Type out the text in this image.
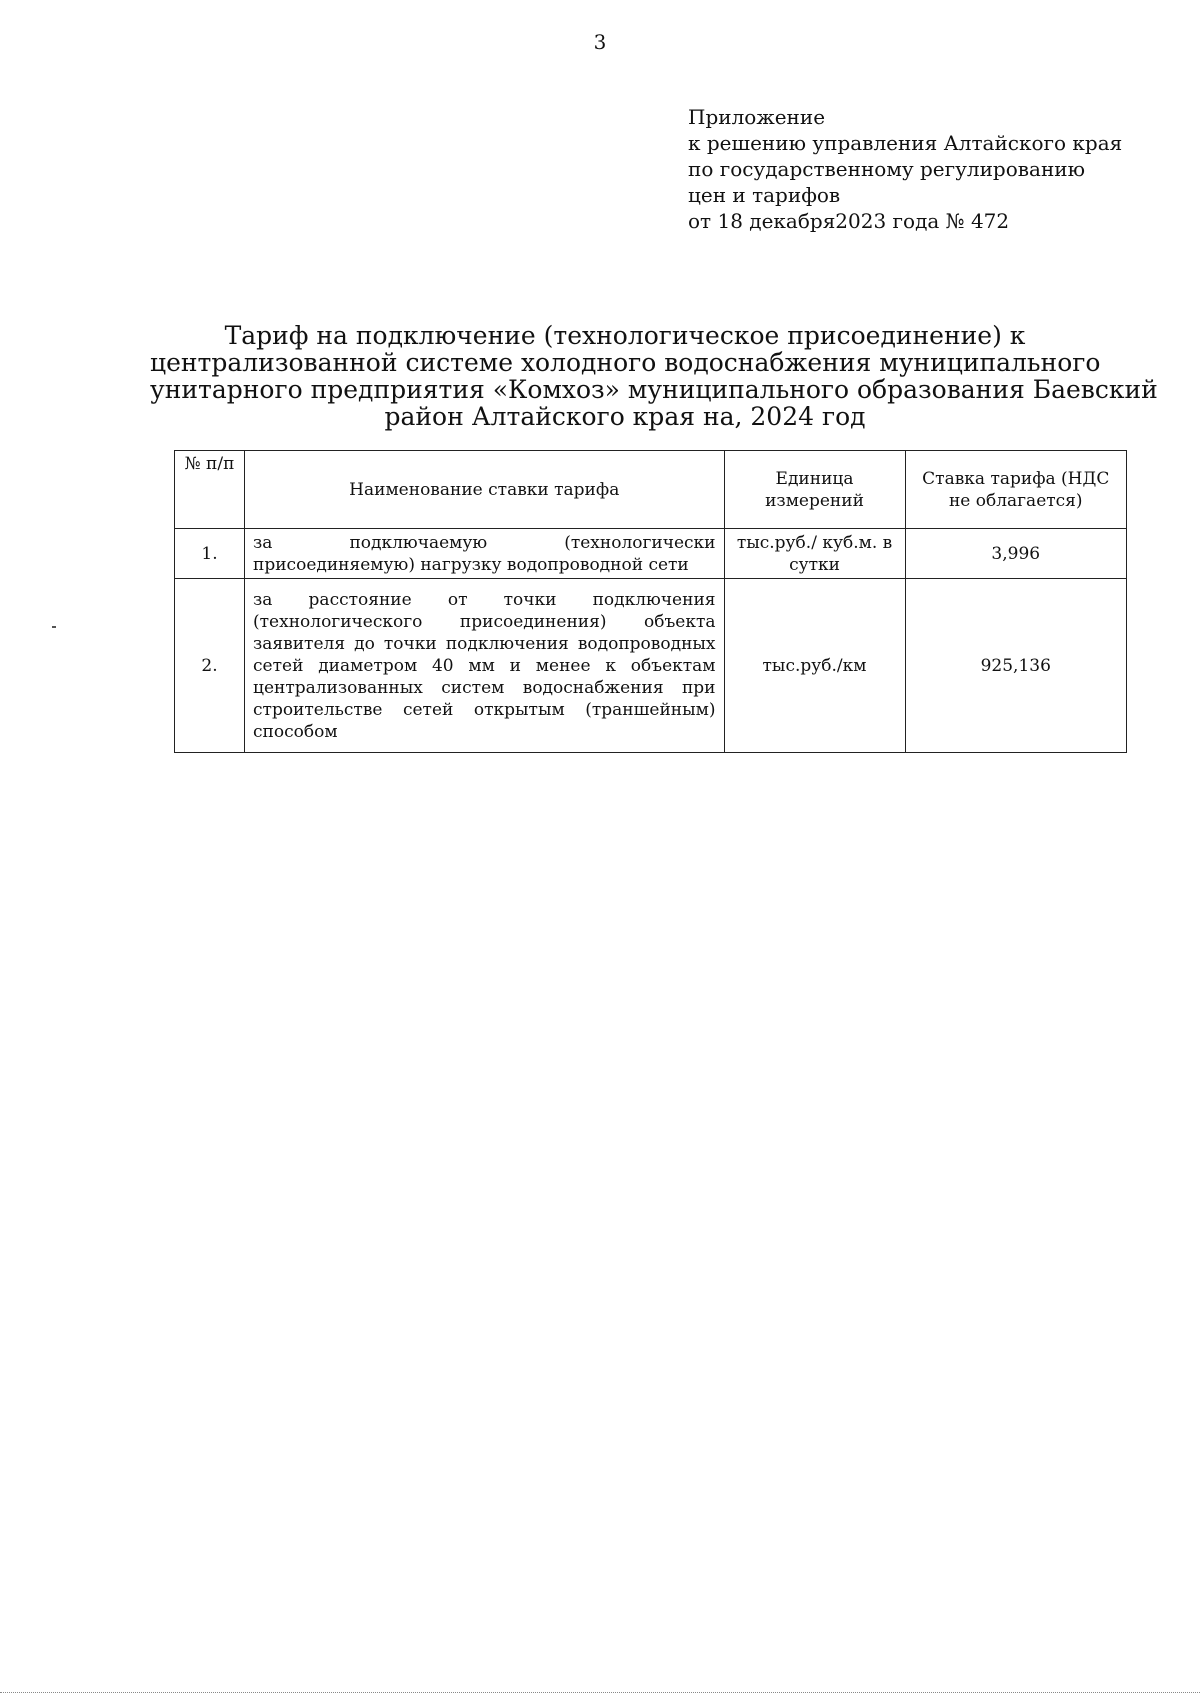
3
Приложение
к решению управления Алтайского края
по государственному регулированию
цен и тарифов
от 18 декабря2023 года № 472
Тариф на подключение (технологическое присоединение) к
централизованной системе холодного водоснабжения муниципального
унитарного предприятия «Комхоз» муниципального образования Баевский
район Алтайского края на, 2024 год
№ п/п	Наименование ставки тарифа	Единица измерений	Ставка тарифа (НДС не облагается)
1.	за подключаемую (технологически присоединяемую) нагрузку водопроводной сети	тыс.руб./ куб.м. в сутки	3,996
2.	за расстояние от точки подключения (технологического присоединения) объекта заявителя до точки подключения водопроводных сетей диаметром 40 мм и менее к объектам централизованных систем водоснабжения при строительстве сетей открытым (траншейным) способом	тыс.руб./км	925,136
